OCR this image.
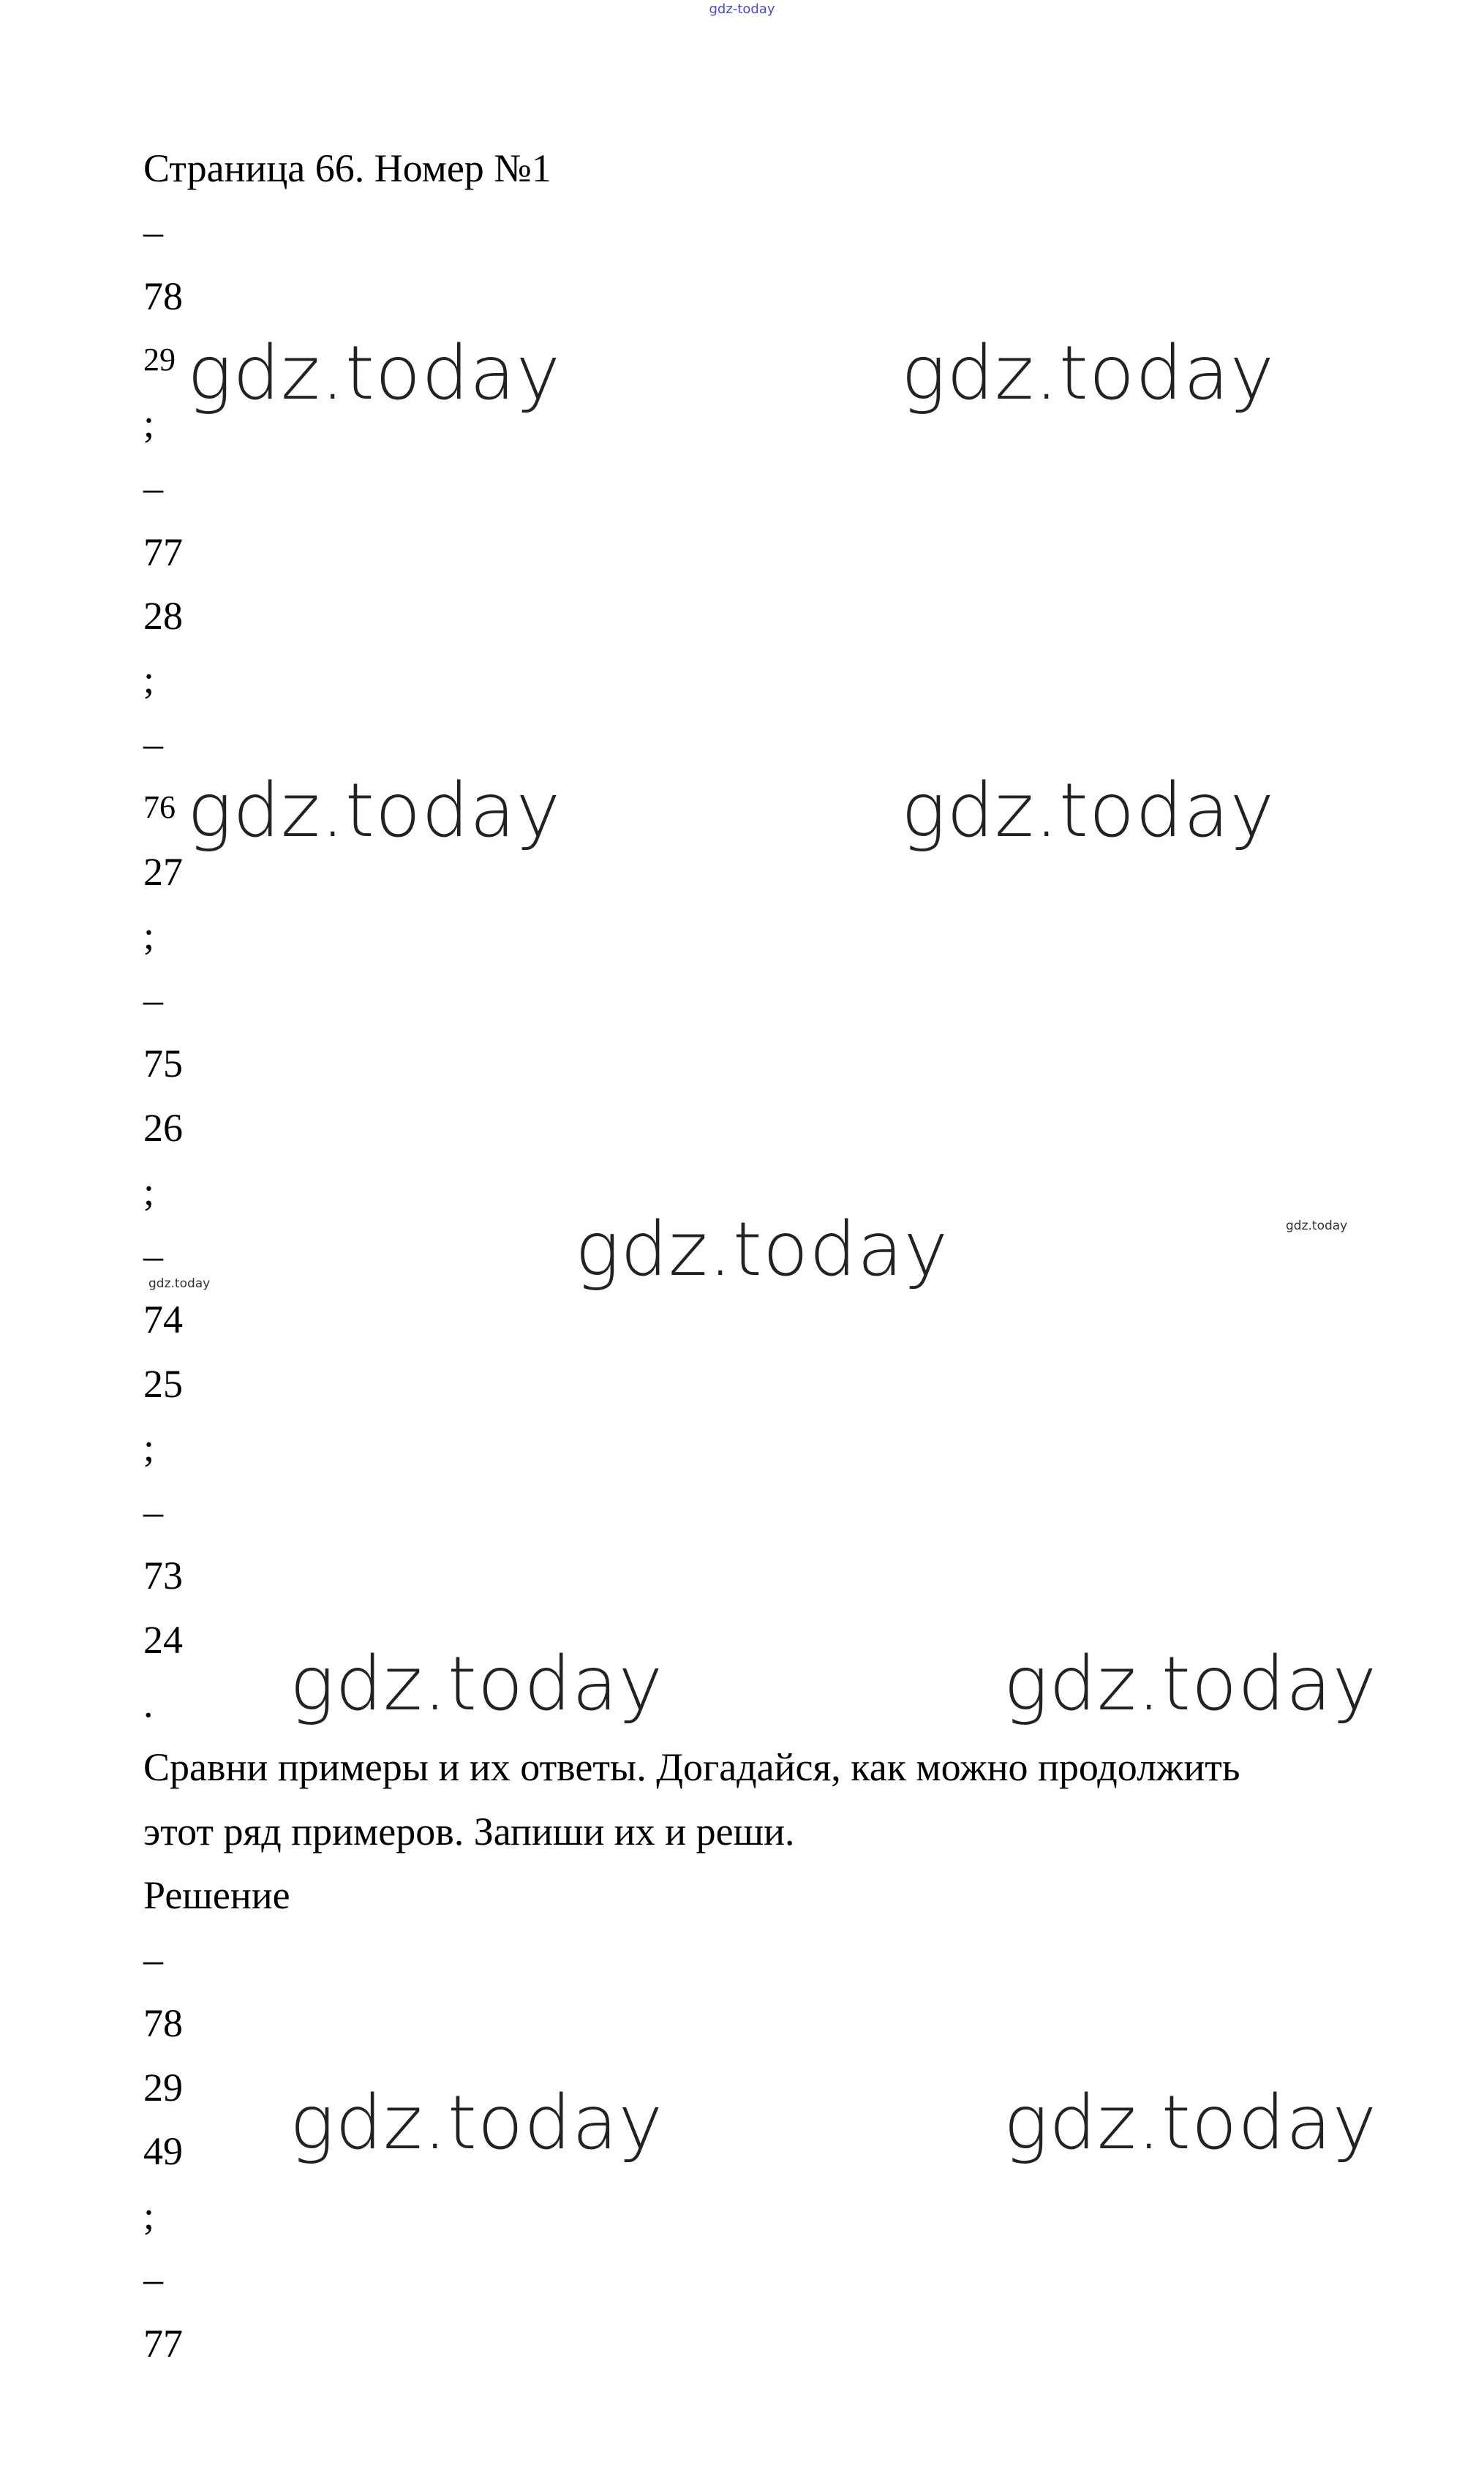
gdz-today
Страница 66. Номер №1
–
78
29
;
–
77
28
;
–
76
27
;
–
75
26
;
–
74
25
;
–
73
24
.
Сравни примеры и их ответы. Догадайся, как можно продолжить
этот ряд примеров. Запиши их и реши.
Решение
–
78
29
49
;
–
77
gdz.today	gdz.today
gdz.today	gdz.today
gdz.today
gdz.today	gdz.today
gdz.today	gdz.today
gdz.today
gdz.today
